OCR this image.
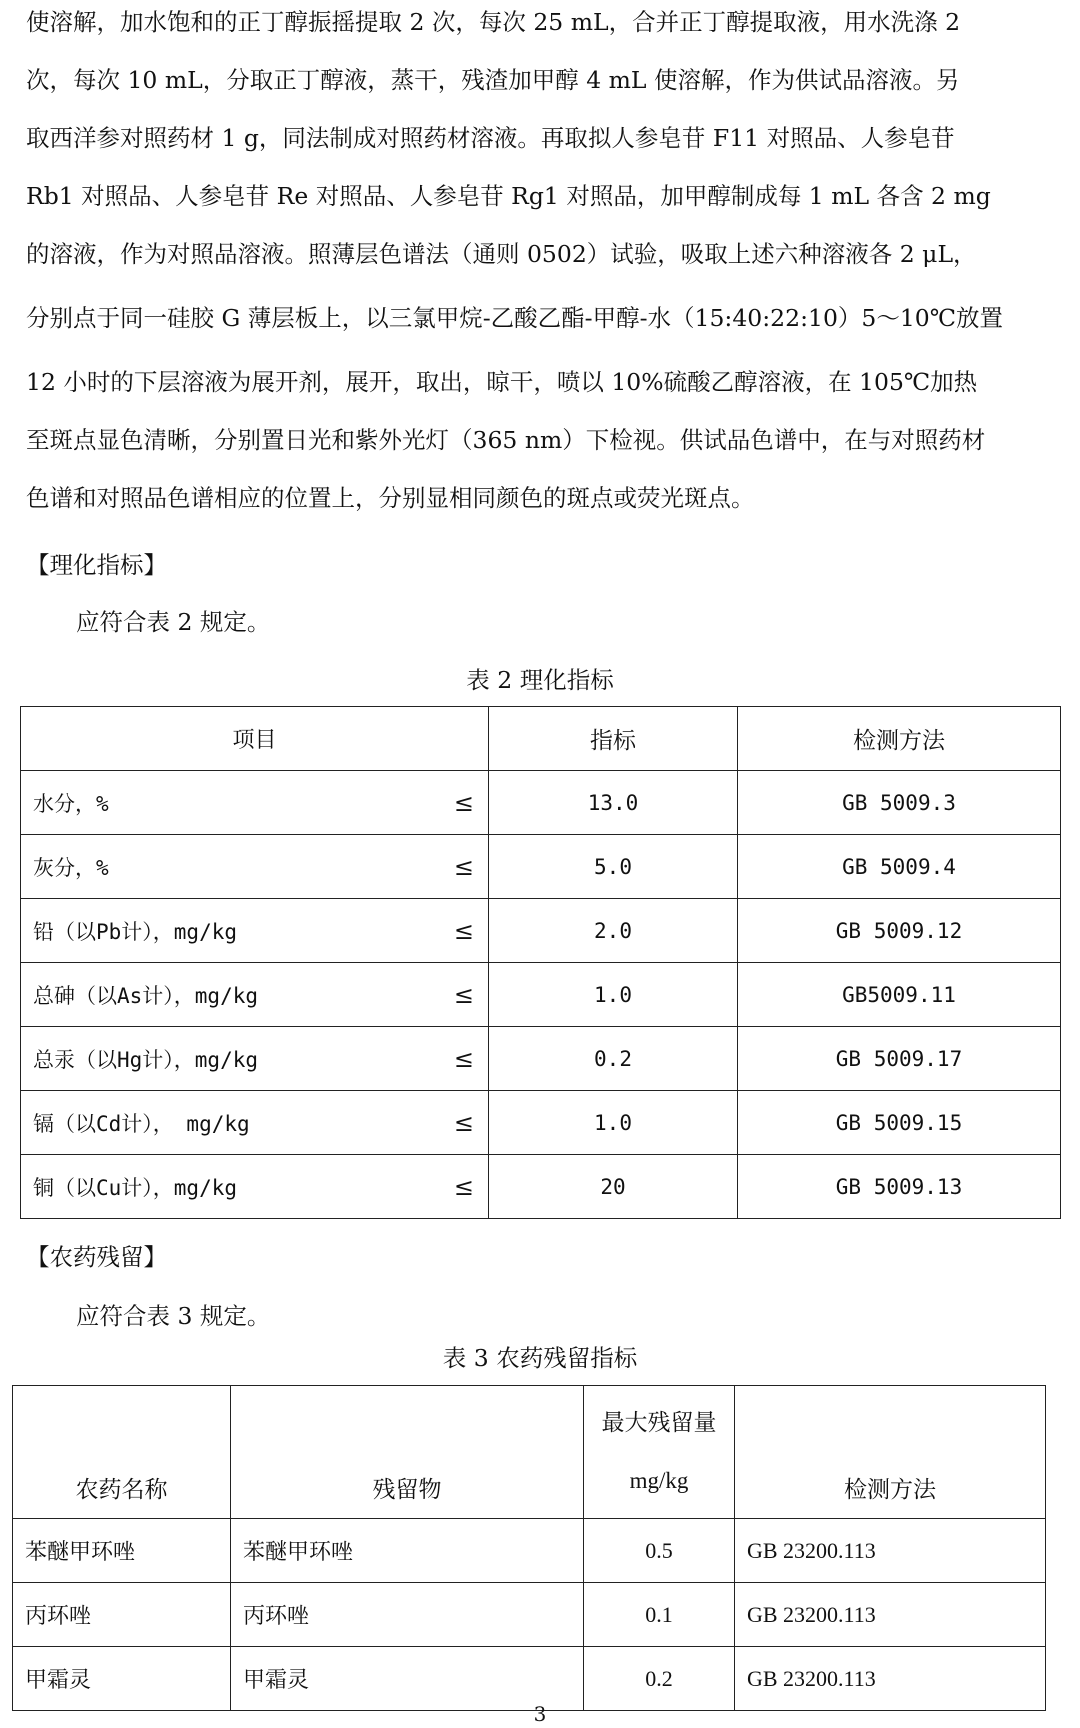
使溶解，加水饱和的正丁醇振摇提取 2 次，每次 25 mL，合并正丁醇提取液，用水洗涤 2
次，每次 10 mL，分取正丁醇液，蒸干，残渣加甲醇 4 mL 使溶解，作为供试品溶液。另
取西洋参对照药材 1 g，同法制成对照药材溶液。再取拟人参皂苷 F11 对照品、人参皂苷
Rb1 对照品、人参皂苷 Re 对照品、人参皂苷 Rg1 对照品，加甲醇制成每 1 mL 各含 2 mg
的溶液，作为对照品溶液。照薄层色谱法（通则 0502）试验，吸取上述六种溶液各 2 μL，
分别点于同一硅胶 G 薄层板上，以三氯甲烷-乙酸乙酯-甲醇-水（15:40:22:10）5～10℃放置
12 小时的下层溶液为展开剂，展开，取出，晾干，喷以 10%硫酸乙醇溶液，在 105℃加热
至斑点显色清晰，分别置日光和紫外光灯（365 nm）下检视。供试品色谱中，在与对照药材
色谱和对照品色谱相应的位置上，分别显相同颜色的斑点或荧光斑点。

【理化指标】

应符合表 2 规定。

表 2 理化指标

项目	指标	检测方法
水分，% ≤	13.0	GB 5009.3
灰分，% ≤	5.0	GB 5009.4
铅（以Pb计），mg/kg ≤	2.0	GB 5009.12
总砷（以As计），mg/kg ≤	1.0	GB5009.11
总汞（以Hg计），mg/kg ≤	0.2	GB 5009.17
镉（以Cd计）， mg/kg ≤	1.0	GB 5009.15
铜（以Cu计），mg/kg ≤	20	GB 5009.13

【农药残留】

应符合表 3 规定。

表 3 农药残留指标

农药名称	残留物	最大残留量 mg/kg	检测方法
苯醚甲环唑	苯醚甲环唑	0.5	GB 23200.113
丙环唑	丙环唑	0.1	GB 23200.113
甲霜灵	甲霜灵	0.2	GB 23200.113
3
